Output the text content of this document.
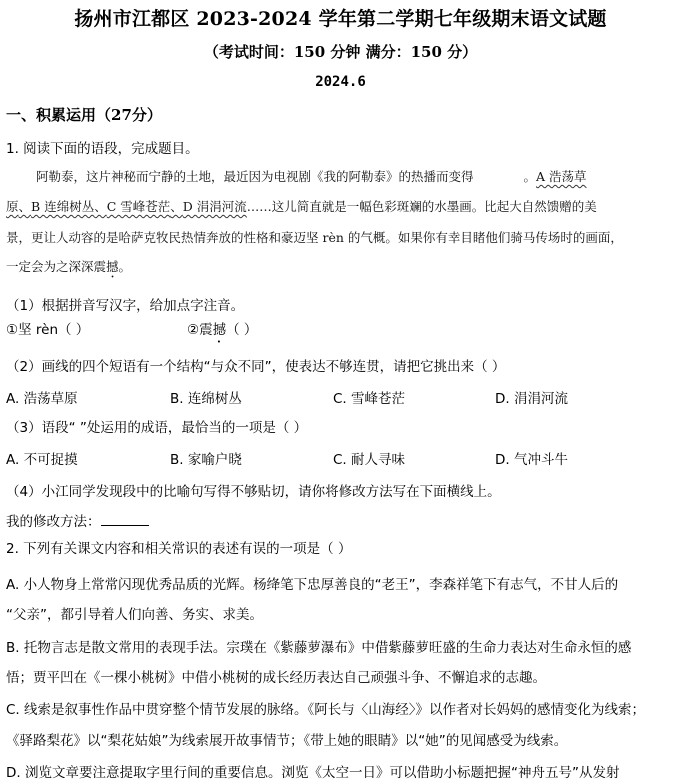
扬州市江都区 2023-2024 学年第二学期七年级期末语文试题
（考试时间：150 分钟 满分：150 分）
2024.6
一、积累运用（27分）
1. 阅读下面的语段，完成题目。
阿勒泰，这片神秘而宁静的土地，最近因为电视剧《我的阿勒泰》的热播而变得	。A 浩荡草
原、B 连绵树丛、C 雪峰苍茫、D 涓涓河流……这儿简直就是一幅色彩斑斓的水墨画。比起大自然馈赠的美
景，更让人动容的是哈萨克牧民热情奔放的性格和豪迈坚 rèn 的气概。如果你有幸目睹他们骑马传场时的画面，
一定会为之深深震撼。
（1）根据拼音写汉字，给加点字注音。
①坚 rèn（ ）	②震撼（ ）
（2）画线的四个短语有一个结构“与众不同”，使表达不够连贯，请把它挑出来（ ）
A. 浩荡草原	B. 连绵树丛	C. 雪峰苍茫	D. 涓涓河流
（3）语段“ ”处运用的成语，最恰当的一项是（ ）
A. 不可捉摸	B. 家喻户晓	C. 耐人寻味	D. 气冲斗牛
（4）小江同学发现段中的比喻句写得不够贴切，请你将修改方法写在下面横线上。
我的修改方法：
2. 下列有关课文内容和相关常识的表述有误的一项是（ ）
A. 小人物身上常常闪现优秀品质的光辉。杨绛笔下忠厚善良的“老王”，李森祥笔下有志气，不甘人后的
“父亲”，都引导着人们向善、务实、求美。
B. 托物言志是散文常用的表现手法。宗璞在《紫藤萝瀑布》中借紫藤萝旺盛的生命力表达对生命永恒的感
悟；贾平凹在《一棵小桃树》中借小桃树的成长经历表达自己顽强斗争、不懈追求的志趣。
C. 线索是叙事性作品中贯穿整个情节发展的脉络。《阿长与〈山海经〉》以作者对长妈妈的感情变化为线索；
《驿路梨花》以“梨花姑娘”为线索展开故事情节；《带上她的眼睛》以“她”的见闻感受为线索。
D. 浏览文章要注意提取字里行间的重要信息。浏览《太空一日》可以借助小标题把握“神舟五号”从发射
